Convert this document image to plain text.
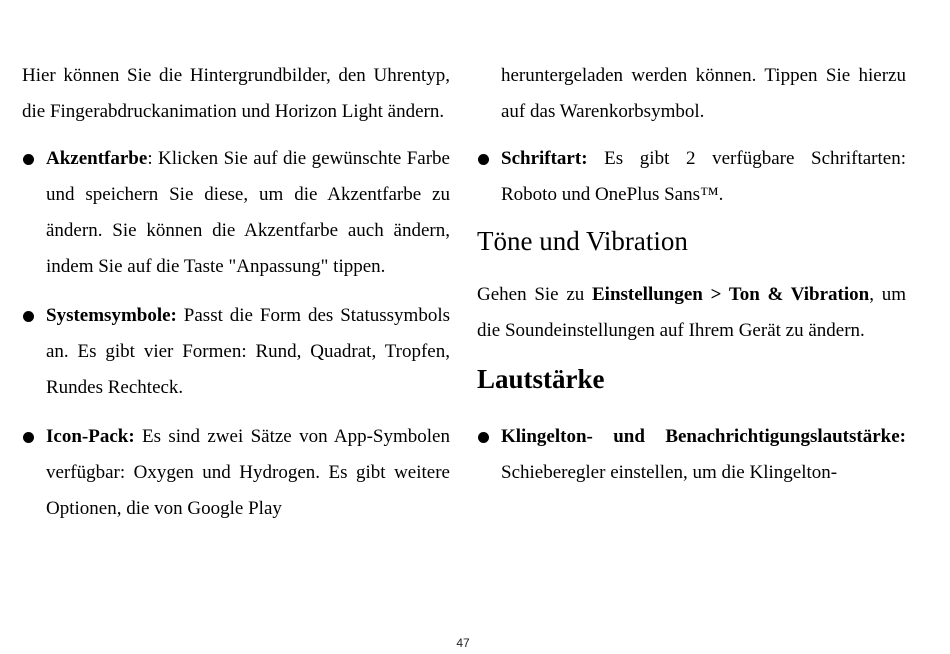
Hier können Sie die Hintergrundbilder, den Uhrentyp, die Fingerabdruckanimation und Horizon Light ändern.

Akzentfarbe: Klicken Sie auf die gewünschte Farbe und speichern Sie diese, um die Akzentfarbe zu ändern. Sie können die Akzentfarbe auch ändern, indem Sie auf die Taste "Anpassung" tippen.
Systemsymbole: Passt die Form des Statussymbols an. Es gibt vier Formen: Rund, Quadrat, Tropfen, Rundes Rechteck.
Icon-Pack: Es sind zwei Sätze von App-Symbolen verfügbar: Oxygen und Hydrogen. Es gibt weitere Optionen, die von Google Play

heruntergeladen werden können. Tippen Sie hierzu auf das Warenkorbsymbol.

Schriftart: Es gibt 2 verfügbare Schriftarten: Roboto und OnePlus Sans™.
Töne und Vibration

Gehen Sie zu Einstellungen > Ton & Vibration, um die Soundeinstellungen auf Ihrem Gerät zu ändern.

Lautstärke
Klingelton- und Benachrichtigungslautstärke: Schieberegler einstellen, um die Klingelton-
47
